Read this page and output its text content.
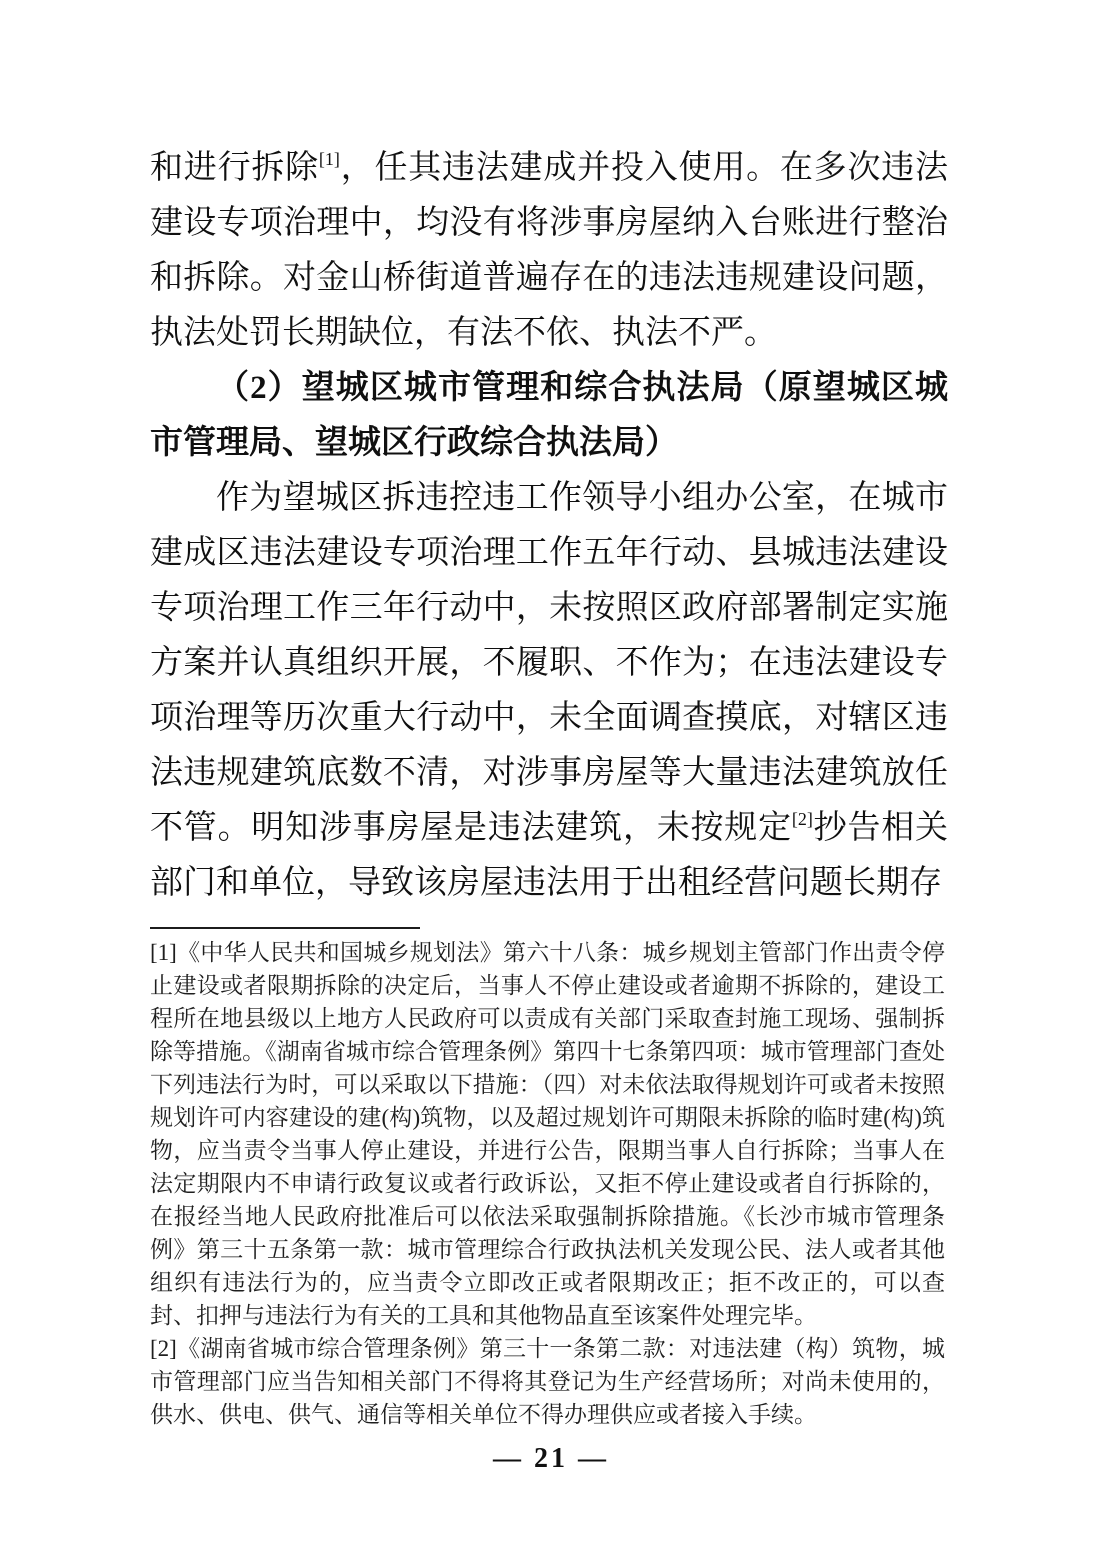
和进行拆除[1]，任其违法建成并投入使用。在多次违法建设专项治理中，均没有将涉事房屋纳入台账进行整治和拆除。对金山桥街道普遍存在的违法违规建设问题，执法处罚长期缺位，有法不依、执法不严。

（2）望城区城市管理和综合执法局（原望城区城市管理局、望城区行政综合执法局）

作为望城区拆违控违工作领导小组办公室，在城市建成区违法建设专项治理工作五年行动、县城违法建设专项治理工作三年行动中，未按照区政府部署制定实施方案并认真组织开展，不履职、不作为；在违法建设专项治理等历次重大行动中，未全面调查摸底，对辖区违法违规建筑底数不清，对涉事房屋等大量违法建筑放任不管。明知涉事房屋是违法建筑，未按规定[2]抄告相关部门和单位，导致该房屋违法用于出租经营问题长期存

[1]《中华人民共和国城乡规划法》第六十八条：城乡规划主管部门作出责令停止建设或者限期拆除的决定后，当事人不停止建设或者逾期不拆除的，建设工程所在地县级以上地方人民政府可以责成有关部门采取查封施工现场、强制拆除等措施。《湖南省城市综合管理条例》第四十七条第四项：城市管理部门查处下列违法行为时，可以采取以下措施：（四）对未依法取得规划许可或者未按照规划许可内容建设的建(构)筑物，以及超过规划许可期限未拆除的临时建(构)筑物，应当责令当事人停止建设，并进行公告，限期当事人自行拆除；当事人在法定期限内不申请行政复议或者行政诉讼，又拒不停止建设或者自行拆除的，在报经当地人民政府批准后可以依法采取强制拆除措施。《长沙市城市管理条例》第三十五条第一款：城市管理综合行政执法机关发现公民、法人或者其他组织有违法行为的，应当责令立即改正或者限期改正；拒不改正的，可以查封、扣押与违法行为有关的工具和其他物品直至该案件处理完毕。

[2]《湖南省城市综合管理条例》第三十一条第二款：对违法建（构）筑物，城市管理部门应当告知相关部门不得将其登记为生产经营场所；对尚未使用的，供水、供电、供气、通信等相关单位不得办理供应或者接入手续。

— 21 —
